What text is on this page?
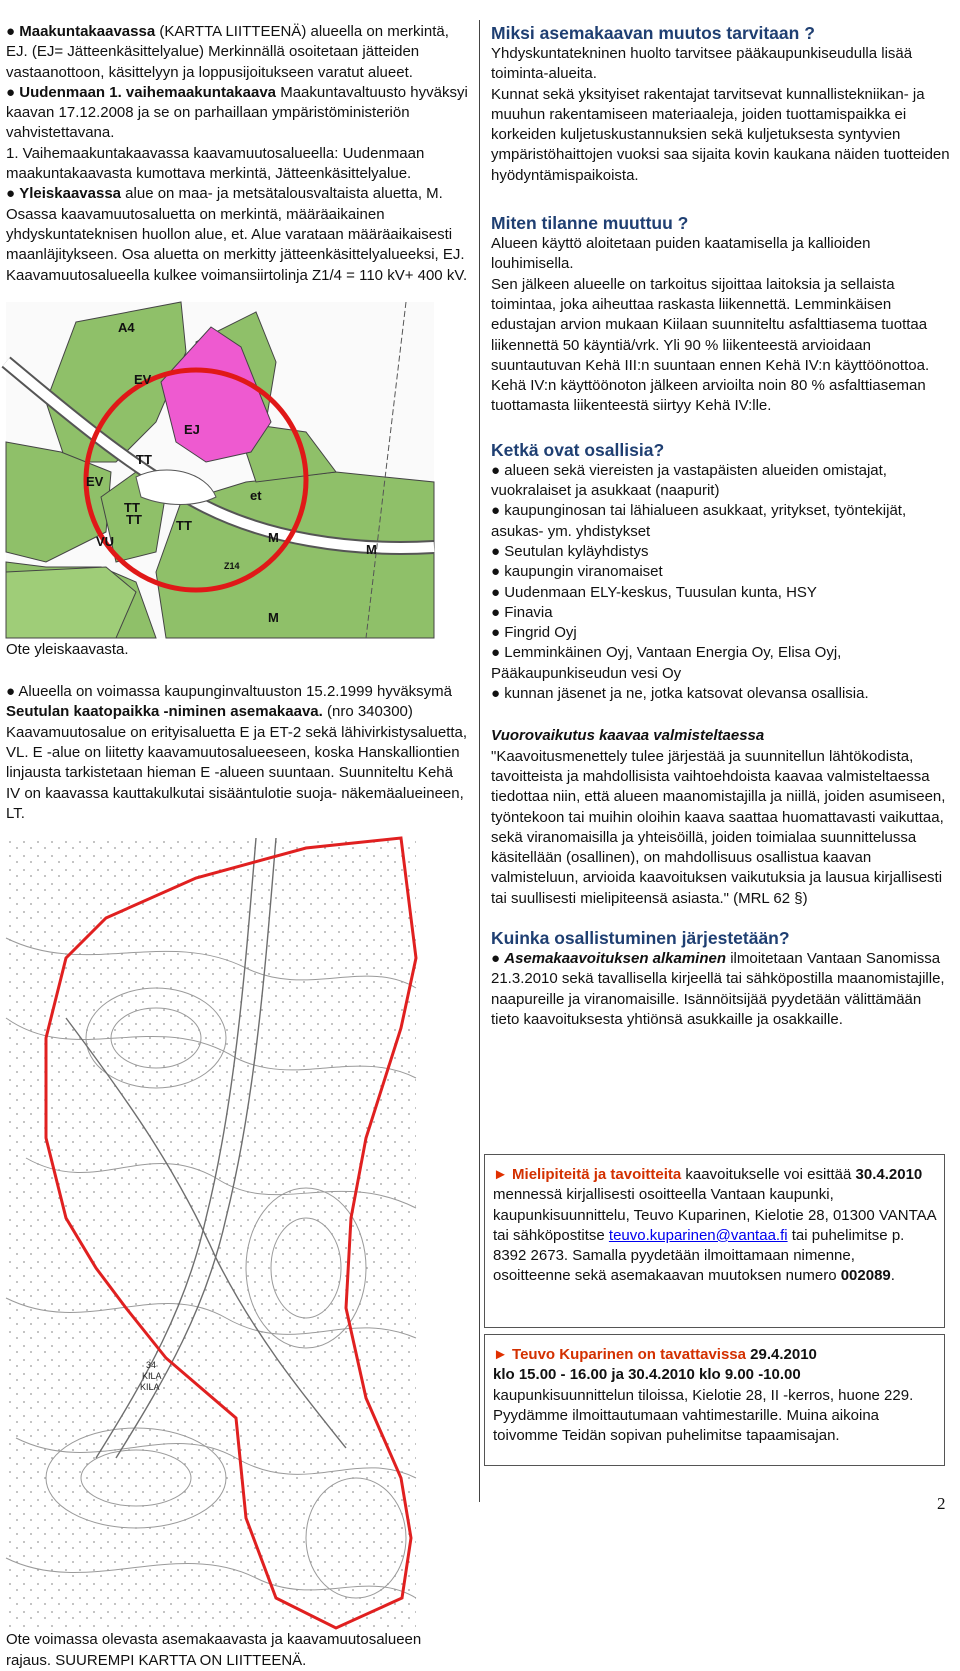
● Maakuntakaavassa (KARTTA LIITTEENÄ) alueella on merkintä, EJ. (EJ= Jätteenkäsittelyalue) Merkinnällä osoitetaan jätteiden vastaanottoon, käsittelyyn ja loppusijoitukseen varatut alueet.

● Uudenmaan 1. vaihemaakuntakaava Maakuntavaltuusto hyväksyi kaavan 17.12.2008 ja se on parhaillaan ympäristöministeriön vahvistettavana.

1. Vaihemaakuntakaavassa kaavamuutosalueella: Uudenmaan maakuntakaavasta kumottava merkintä, Jätteenkäsittelyalue.

● Yleiskaavassa alue on maa- ja metsätalousvaltaista aluetta, M. Osassa kaavamuutosaluetta on merkintä, määräaikainen yhdyskuntateknisen huollon alue, et. Alue varataan määräaikaisesti maanläjitykseen. Osa aluetta on merkitty jätteenkäsittelyalueeksi, EJ. Kaavamuutosalueella kulkee voimansiirtolinja Z1/4 = 110 kV+ 400 kV.

A4
EV
EJ
TT
TT
EV
et
TT	TT
M
VU
Z14
M
M

Ote yleiskaavasta.

● Alueella on voimassa kaupunginvaltuuston 15.2.1999 hyväksymä Seutulan kaatopaikka -niminen asemakaava. (nro 340300) Kaavamuutosalue on erityisaluetta E ja ET-2 sekä lähivirkistysaluetta, VL. E -alue on liitetty kaavamuutosalueeseen, koska Hanskalliontien linjausta tarkistetaan hieman E -alueen suuntaan. Suunniteltu Kehä IV on kaavassa kauttakulkutai sisääntulotie suoja- näkemäalueineen, LT.

34
KILA
KILA

Ote voimassa olevasta asemakaavasta ja kaavamuutosalueen rajaus. SUUREMPI KARTTA ON LIITTEENÄ.

Miksi asemakaavan muutos tarvitaan ?

Yhdyskuntatekninen huolto tarvitsee pääkaupunkiseudulla lisää toiminta-alueita.

Kunnat sekä yksityiset rakentajat tarvitsevat kunnallistekniikan- ja muuhun rakentamiseen materiaaleja, joiden tuottamispaikka ei korkeiden kuljetuskustannuksien sekä kuljetuksesta syntyvien ympäristöhaittojen vuoksi saa sijaita kovin kaukana näiden tuotteiden hyödyntämispaikoista.

Miten tilanne muuttuu ?

Alueen käyttö aloitetaan puiden kaatamisella ja kallioiden louhimisella.

Sen jälkeen alueelle on tarkoitus sijoittaa laitoksia ja sellaista toimintaa, joka aiheuttaa raskasta liikennettä. Lemminkäisen edustajan arvion mukaan Kiilaan suunniteltu asfalttiasema tuottaa liikennettä 50 käyntiä/vrk. Yli 90 % liikenteestä arvioidaan suuntautuvan Kehä III:n suuntaan ennen Kehä IV:n käyttöönottoa. Kehä IV:n käyttöönoton jälkeen arvioilta noin 80 % asfalttiaseman tuottamasta liikenteestä siirtyy Kehä IV:lle.

Ketkä ovat osallisia?

● alueen sekä viereisten ja vastapäisten alueiden omistajat, vuokralaiset ja asukkaat (naapurit)

● kaupunginosan tai lähialueen asukkaat, yritykset, työntekijät, asukas- ym. yhdistykset

● Seutulan kyläyhdistys

● kaupungin viranomaiset

● Uudenmaan ELY-keskus, Tuusulan kunta, HSY

● Finavia

● Fingrid Oyj

● Lemminkäinen Oyj, Vantaan Energia Oy, Elisa Oyj, Pääkaupunkiseudun vesi Oy

● kunnan jäsenet ja ne, jotka katsovat olevansa osallisia.

Vuorovaikutus kaavaa valmisteltaessa

"Kaavoitusmenettely tulee järjestää ja suunnitellun lähtökodista, tavoitteista ja mahdollisista vaihtoehdoista kaavaa valmisteltaessa tiedottaa niin, että alueen maanomistajilla ja niillä, joiden asumiseen, työntekoon tai muihin oloihin kaava saattaa huomattavasti vaikuttaa, sekä viranomaisilla ja yhteisöillä, joiden toimialaa suunnittelussa käsitellään (osallinen), on mahdollisuus osallistua kaavan valmisteluun, arvioida kaavoituksen vaikutuksia ja lausua kirjallisesti tai suullisesti mielipiteensä asiasta." (MRL 62 §)

Kuinka osallistuminen järjestetään?

● Asemakaavoituksen alkaminen ilmoitetaan Vantaan Sanomissa 21.3.2010 sekä tavallisella kirjeellä tai sähköpostilla maanomistajille, naapureille ja viranomaisille. Isännöitsijää pyydetään välittämään tieto kaavoituksesta yhtiönsä asukkaille ja osakkaille.

► Mielipiteitä ja tavoitteita kaavoitukselle voi esittää 30.4.2010 mennessä kirjallisesti osoitteella Vantaan kaupunki, kaupunkisuunnittelu, Teuvo Kuparinen, Kielotie 28, 01300 VANTAA tai sähköpostitse teuvo.kuparinen@vantaa.fi tai puhelimitse p. 8392 2673. Samalla pyydetään ilmoittamaan nimenne, osoitteenne sekä asemakaavan muutoksen numero 002089.

► Teuvo Kuparinen on tavattavissa 29.4.2010
klo 15.00 - 16.00 ja 30.4.2010 klo 9.00 -10.00
kaupunkisuunnittelun tiloissa, Kielotie 28, II -kerros, huone 229. Pyydämme ilmoittautumaan vahtimestarille. Muina aikoina toivomme Teidän sopivan puhelimitse tapaamisajan.

2
